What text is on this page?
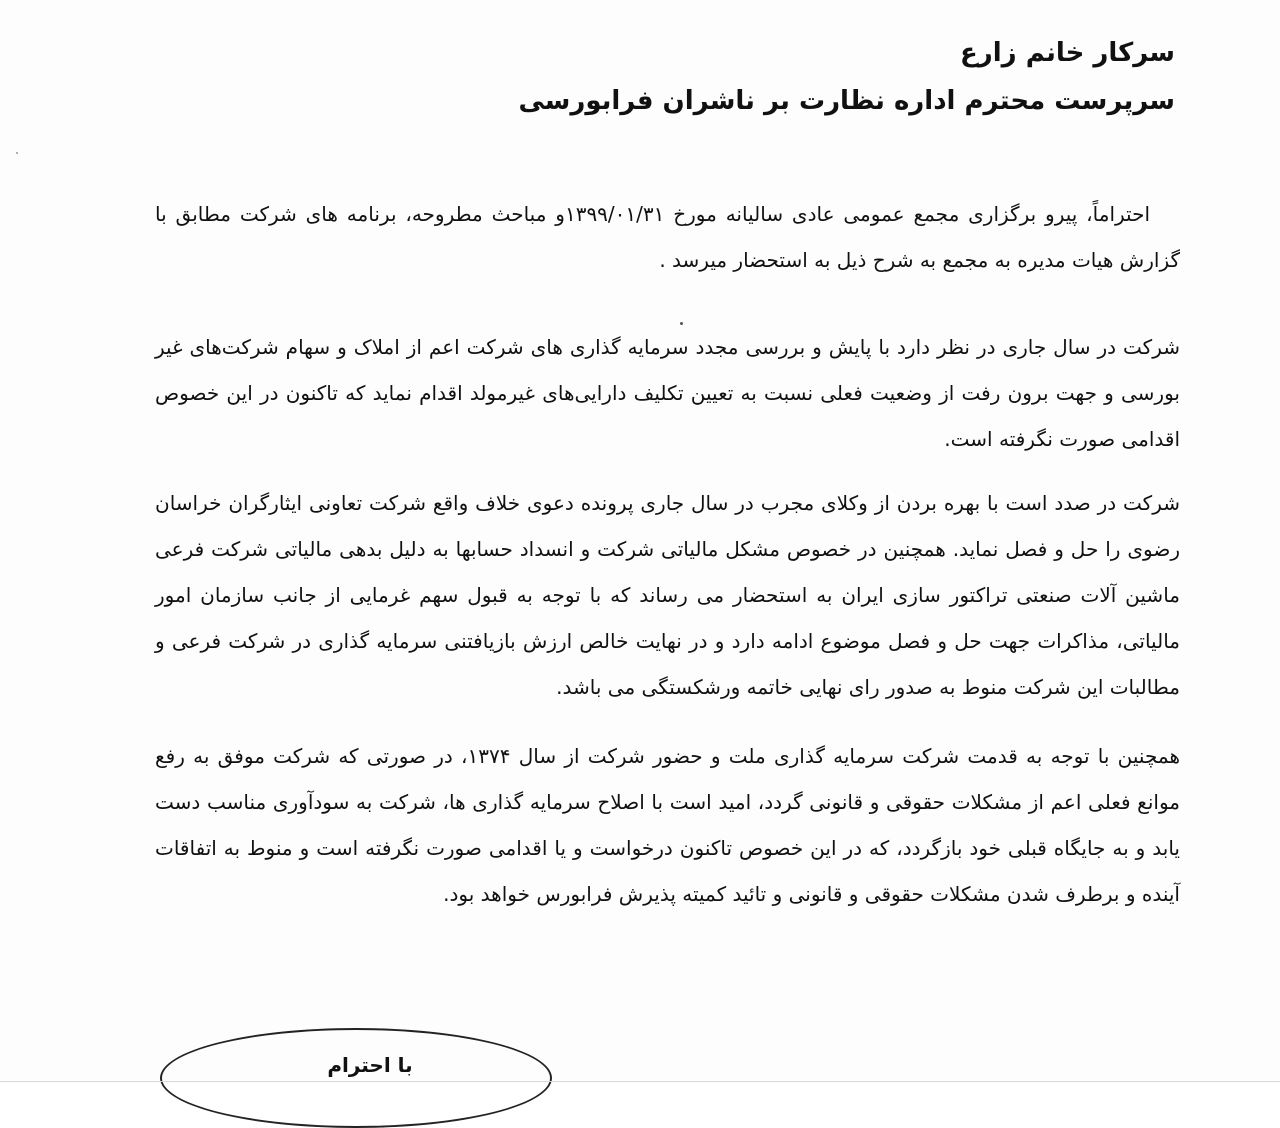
سرکار خانم زارع

سرپرست محترم اداره نظارت بر ناشران فرابورسی

احتراماً، پیرو برگزاری مجمع عمومی عادی سالیانه مورخ ۱۳۹۹/۰۱/۳۱و مباحث مطروحه، برنامه های شرکت مطابق با گزارش هیات مدیره به مجمع به شرح ذیل به استحضار میرسد .

شرکت در سال جاری در نظر دارد با پایش و بررسی مجدد سرمایه گذاری های شرکت اعم از املاک و سهام شرکت‌های غیر بورسی و جهت برون رفت از وضعیت فعلی نسبت به تعیین تکلیف دارایی‌های غیرمولد اقدام نماید که تاکنون در این خصوص اقدامی صورت نگرفته است.

شرکت در صدد است با بهره بردن از وکلای مجرب در سال جاری پرونده دعوی خلاف واقع شرکت تعاونی ایثارگران خراسان رضوی را حل و فصل نماید. همچنین در خصوص مشکل مالیاتی شرکت و انسداد حسابها به دلیل بدهی مالیاتی شرکت فرعی ماشین آلات صنعتی تراکتور سازی ایران به استحضار می رساند که با توجه به قبول سهم غرمایی از جانب سازمان امور مالیاتی، مذاکرات جهت حل و فصل موضوع ادامه دارد و در نهایت خالص ارزش بازیافتنی سرمایه گذاری در شرکت فرعی و مطالبات این شرکت منوط به صدور رای نهایی خاتمه ورشکستگی می باشد.

همچنین با توجه به قدمت شرکت سرمایه گذاری ملت و حضور شرکت از سال ۱۳۷۴، در صورتی که شرکت موفق به رفع موانع فعلی اعم از مشکلات حقوقی و قانونی گردد، امید است با اصلاح سرمایه گذاری ها، شرکت به سودآوری مناسب دست یابد و به جایگاه قبلی خود بازگردد، که در این خصوص تاکنون درخواست و یا اقدامی صورت نگرفته است و منوط به اتفاقات آینده و برطرف شدن مشکلات حقوقی و قانونی و تائید کمیته پذیرش فرابورس خواهد بود.

با احترام
